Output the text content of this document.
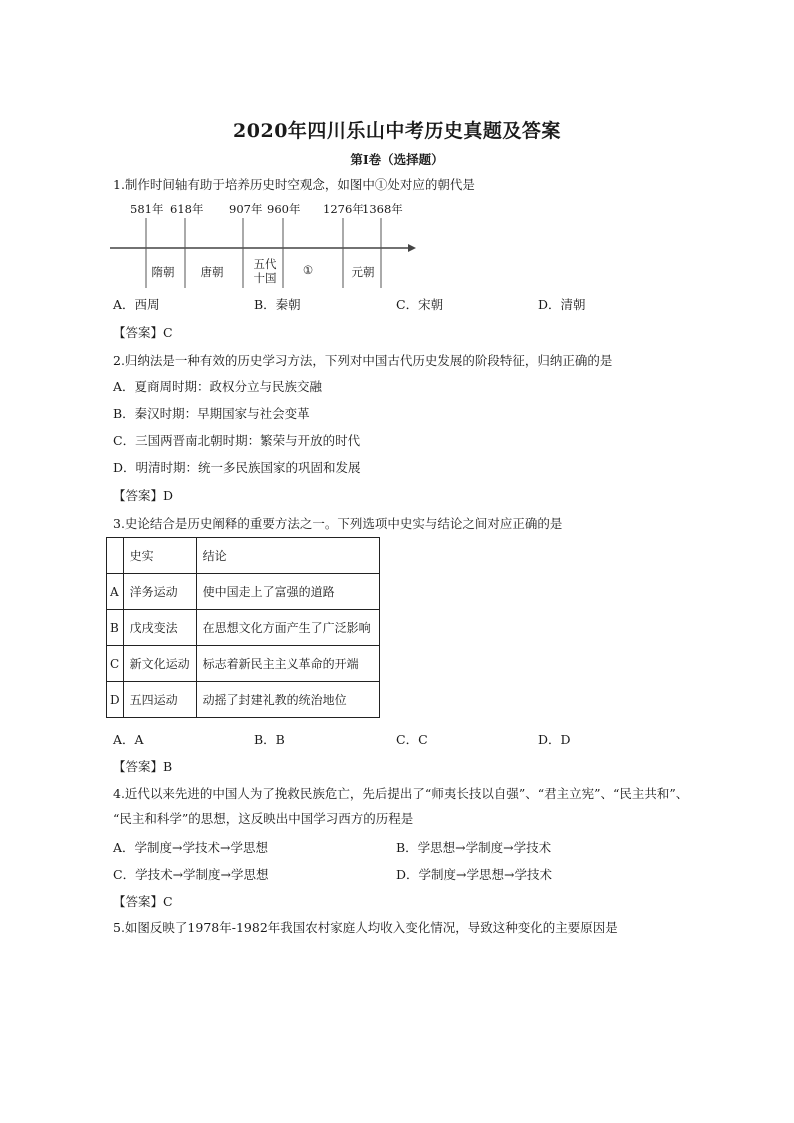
2020年四川乐山中考历史真题及答案
第Ⅰ卷（选择题）
1.制作时间轴有助于培养历史时空观念，如图中①处对应的朝代是
581年 618年 907年 960年 1276年
1368年
隋朝	唐朝
五代
十国
①	元朝
A．西周	B．秦朝	C．宋朝	D．清朝
【答案】C
2.归纳法是一种有效的历史学习方法，下列对中国古代历史发展的阶段特征，归纳正确的是
A．夏商周时期：政权分立与民族交融
B．秦汉时期：早期国家与社会变革
C．三国两晋南北朝时期：繁荣与开放的时代
D．明清时期：统一多民族国家的巩固和发展
【答案】D
3.史论结合是历史阐释的重要方法之一。下列选项中史实与结论之间对应正确的是
	史实	结论
A	洋务运动	使中国走上了富强的道路
B	戊戌变法	在思想文化方面产生了广泛影响
C	新文化运动	标志着新民主主义革命的开端
D	五四运动	动摇了封建礼教的统治地位
A．A	B．B	C．C	D．D
【答案】B
4.近代以来先进的中国人为了挽救民族危亡，先后提出了“师夷长技以自强”、“君主立宪”、“民主共和”、
“民主和科学”的思想，这反映出中国学习西方的历程是
A．学制度→学技术→学思想	B．学思想→学制度→学技术
C．学技术→学制度→学思想	D．学制度→学思想→学技术
【答案】C
5.如图反映了1978年-1982年我国农村家庭人均收入变化情况，导致这种变化的主要原因是
